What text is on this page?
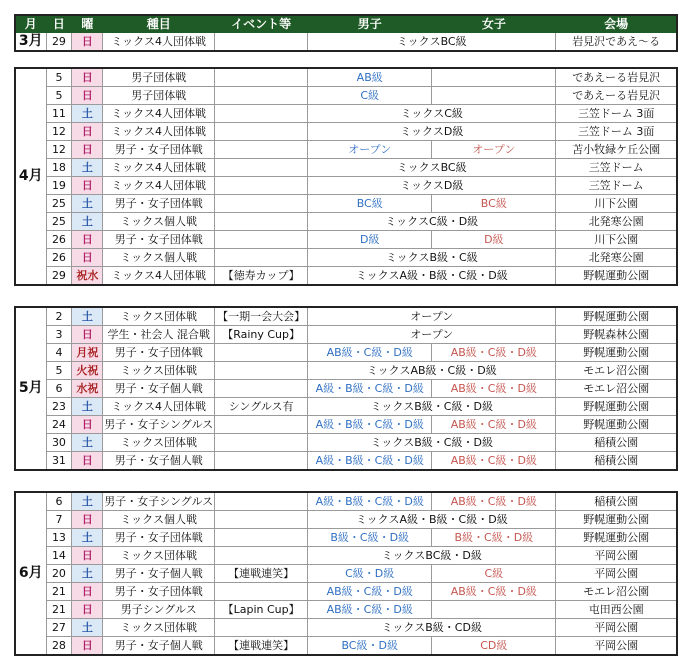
月	日	曜	種目	イベント等	男子	女子	会場
3月	29	日	ミックス4人団体戦		ミックスBC級		岩見沢であえ～る
4月	5	日	男子団体戦		AB級		であえーる岩見沢
	5	日	男子団体戦		C級		であえーる岩見沢
	11	土	ミックス4人団体戦		ミックスC級		三笠ドーム 3面
	12	日	ミックス4人団体戦		ミックスD級		三笠ドーム 3面
	12	日	男子・女子団体戦		オープン	オープン	苫小牧緑ケ丘公園
	18	土	ミックス4人団体戦		ミックスBC級		三笠ドーム
	19	日	ミックス4人団体戦		ミックスD級		三笠ドーム
	25	土	男子・女子団体戦		BC級	BC級	川下公園
	25	土	ミックス個人戦		ミックスC級・D級		北発寒公園
	26	日	男子・女子団体戦		D級	D級	川下公園
	26	日	ミックス個人戦		ミックスB級・C級		北発寒公園
	29	祝水	ミックス4人団体戦	【徳寿カップ】	ミックスA級・B級・C級・D級		野幌運動公園
5月	2	土	ミックス団体戦	【一期一会大会】	オープン		野幌運動公園
	3	日	学生・社会人 混合戦	【Rainy Cup】	オープン		野幌森林公園
	4	月祝	男子・女子団体戦		AB級・C級・D級	AB級・C級・D級	野幌運動公園
	5	火祝	ミックス団体戦		ミックスAB級・C級・D級		モエレ沼公園
	6	水祝	男子・女子個人戦		A級・B級・C級・D級	AB級・C級・D級	モエレ沼公園
	23	土	ミックス4人団体戦	シングルス有	ミックスB級・C級・D級		野幌運動公園
	24	日	男子・女子シングルス		A級・B級・C級・D級	AB級・C級・D級	野幌運動公園
	30	土	ミックス団体戦		ミックスB級・C級・D級		稲積公園
	31	日	男子・女子個人戦		A級・B級・C級・D級	AB級・C級・D級	稲積公園
6月	6	土	男子・女子シングルス		A級・B級・C級・D級	AB級・C級・D級	稲積公園
	7	日	ミックス個人戦		ミックスA級・B級・C級・D級		野幌運動公園
	13	土	男子・女子団体戦		B級・C級・D級	B級・C級・D級	野幌運動公園
	14	日	ミックス団体戦		ミックスBC級・D級		平岡公園
	20	土	男子・女子個人戦	【連戦連笑】	C級・D級	C級	平岡公園
	21	日	男子・女子団体戦		AB級・C級・D級	AB級・C級・D級	モエレ沼公園
	21	日	男子シングルス	【Lapin Cup】	AB級・C級・D級		屯田西公園
	27	土	ミックス団体戦		ミックスB級・CD級		平岡公園
	28	日	男子・女子個人戦	【連戦連笑】	BC級・D級	CD級	平岡公園
